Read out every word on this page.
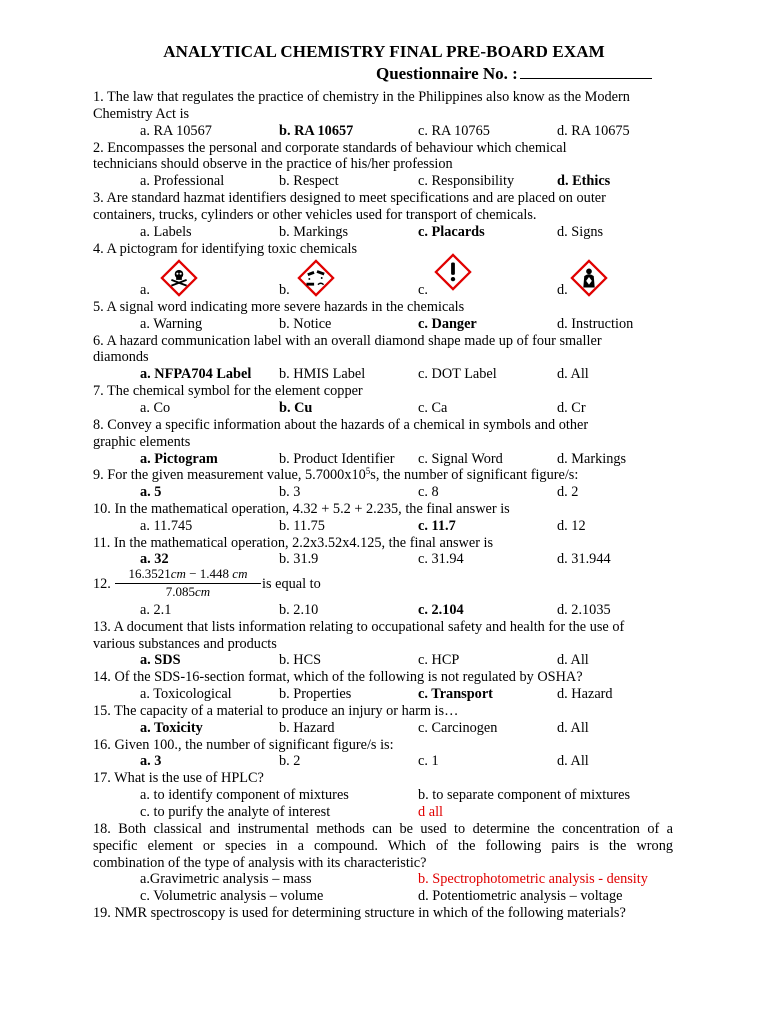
ANALYTICAL CHEMISTRY FINAL PRE-BOARD EXAM
Questionnaire No. :
1. The law that regulates the practice of chemistry in the Philippines also know as the Modern
Chemistry Act is
a. RA 10567	b. RA 10657	c. RA 10765	d. RA 10675
2. Encompasses the personal and corporate standards of behaviour which chemical
technicians should observe in the practice of his/her profession
a. Professional	b. Respect	c. Responsibility	d. Ethics
3. Are standard hazmat identifiers designed to meet specifications and are placed on outer
containers, trucks, cylinders or other vehicles used for transport of chemicals.
a. Labels	b. Markings	c. Placards	d. Signs
4. A pictogram for identifying toxic chemicals
a.	b.	c.	d.
5. A signal word indicating more severe hazards in the chemicals
a. Warning	b. Notice	c. Danger	d. Instruction
6. A hazard communication label with an overall diamond shape made up of four smaller
diamonds
a. NFPA704 Label b. HMIS Label	c. DOT Label	d. All
7. The chemical symbol for the element copper
a. Co	b. Cu	c. Ca	d. Cr
8. Convey a specific information about the hazards of a chemical in symbols and other
graphic elements
a. Pictogram	b. Product Identifier c. Signal Word	d. Markings
9. For the given measurement value, $5.7000x10^5s$, the number of significant figure/s:
a. 5	b. 3	c. 8	d. 2
10. In the mathematical operation, 4.32 + 5.2 + 2.235, the final answer is
a. 11.745	b. 11.75	c. 11.7	d. 12
11. In the mathematical operation, 2.2x3.52x4.125, the final answer is
a. 32	b. 31.9	c. 31.94	d. 31.944
12. $\frac{16.3521cm - 1.448 cm}{7.085cm}$ is equal to
a. 2.1	b. 2.10	c. 2.104	d. 2.1035
13. A document that lists information relating to occupational safety and health for the use of
various substances and products
a. SDS	b. HCS	c. HCP	d. All
14. Of the SDS-16-section format, which of the following is not regulated by OSHA?
a. Toxicological	b. Properties	c. Transport	d. Hazard
15. The capacity of a material to produce an injury or harm is…
a. Toxicity	b. Hazard	c. Carcinogen	d. All
16. Given 100., the number of significant figure/s is:
a. 3	b. 2	c. 1	d. All
17. What is the use of HPLC?
a. to identify component of mixtures	b. to separate component of mixtures
c. to purify the analyte of interest	d all
18. Both classical and instrumental methods can be used to determine the concentration of a
specific element or species in a compound. Which of the following pairs is the wrong
combination of the type of analysis with its characteristic?
a.Gravimetric analysis – mass	b. Spectrophotometric analysis - density
c. Volumetric analysis – volume	d. Potentiometric analysis – voltage
19. NMR spectroscopy is used for determining structure in which of the following materials?
